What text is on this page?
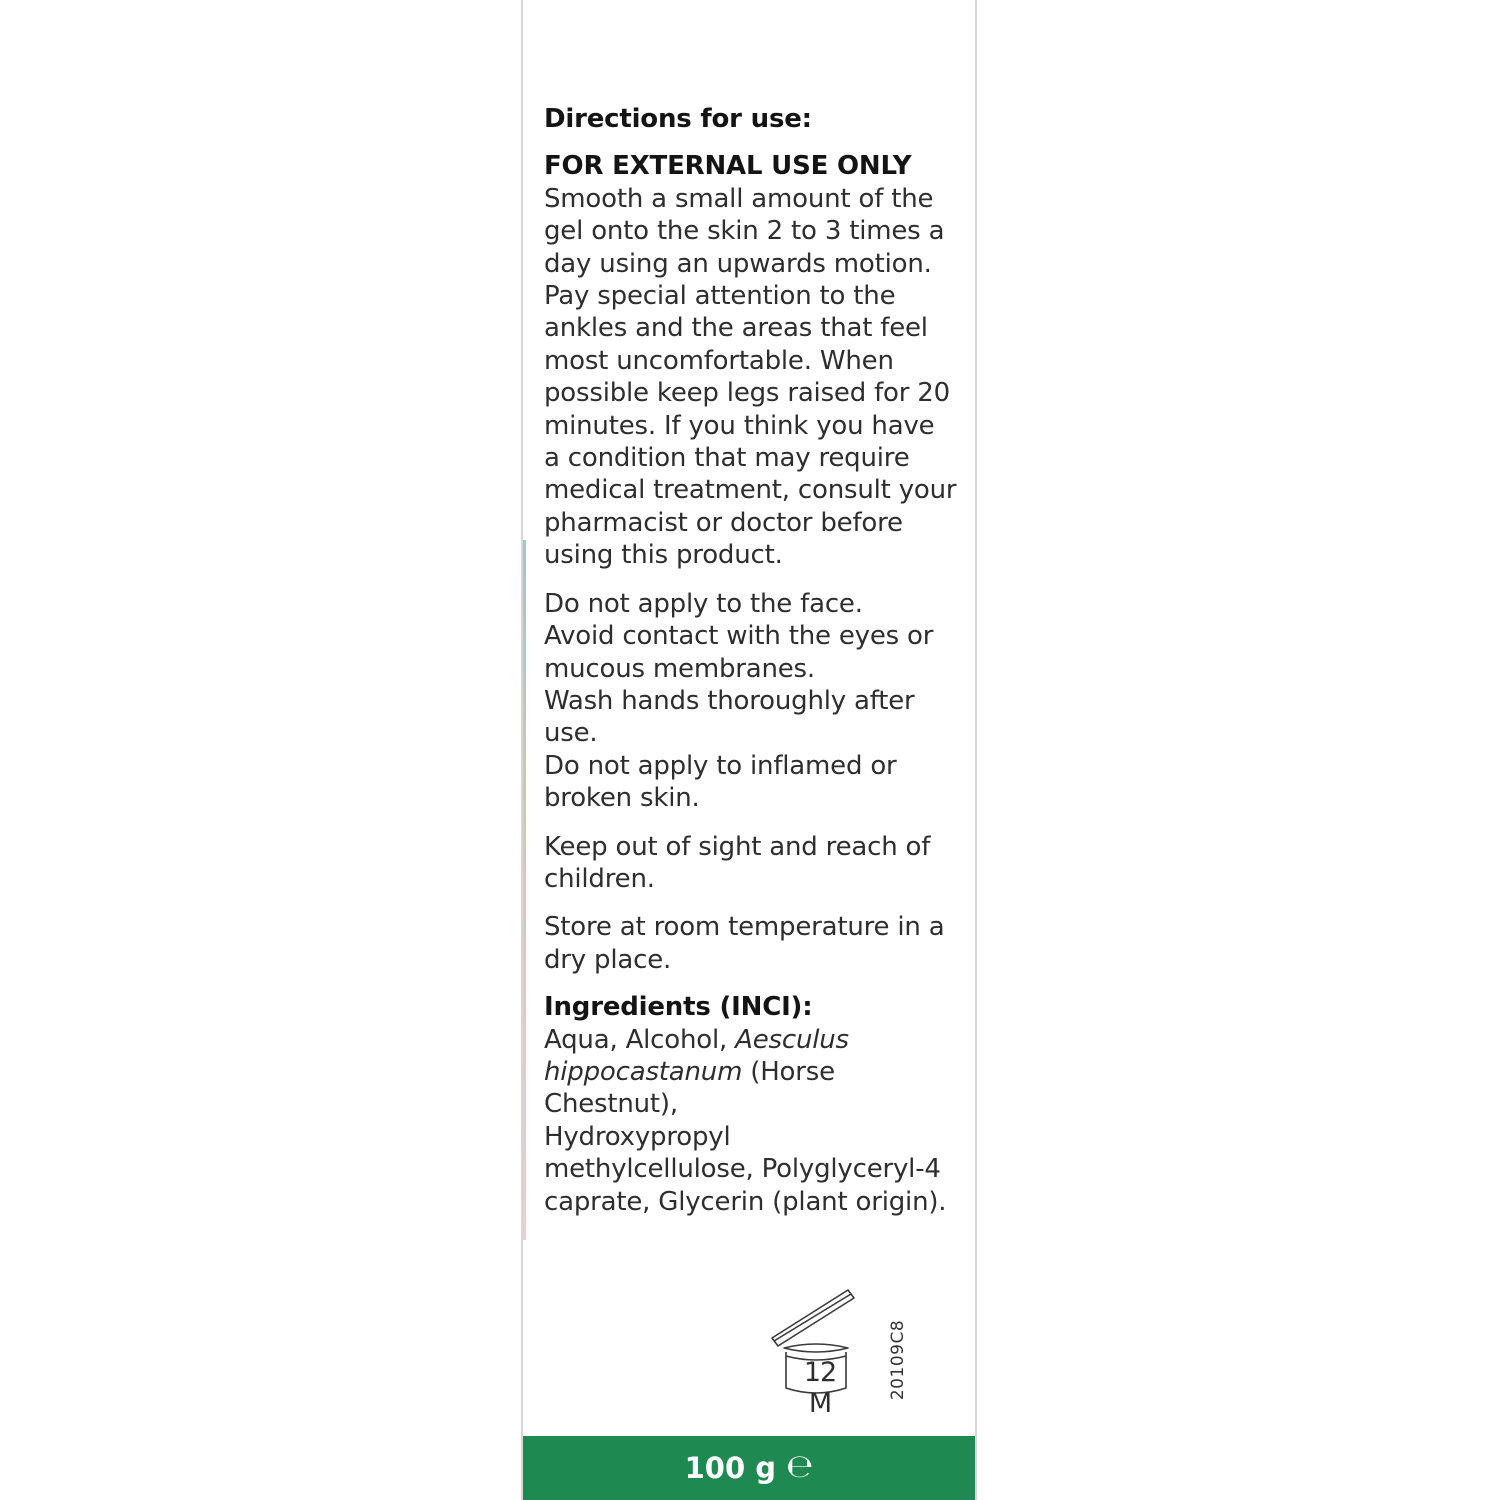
Directions for use:

FOR EXTERNAL USE ONLY

Smooth a small amount of the
gel onto the skin 2 to 3 times a
day using an upwards motion.
Pay special attention to the
ankles and the areas that feel
most uncomfortable. When
possible keep legs raised for 20
minutes. If you think you have
a condition that may require
medical treatment, consult your
pharmacist or doctor before
using this product.
Do not apply to the face.
Avoid contact with the eyes or
mucous membranes.
Wash hands thoroughly after
use.
Do not apply to inflamed or
broken skin.
Keep out of sight and reach of
children.
Store at room temperature in a
dry place.

Ingredients (INCI):

Aqua, Alcohol, Aesculus
hippocastanum (Horse Chestnut),
Hydroxypropyl
methylcellulose, Polyglyceryl-4
caprate, Glycerin (plant origin).
12 M
20109C8
100 g ℮
